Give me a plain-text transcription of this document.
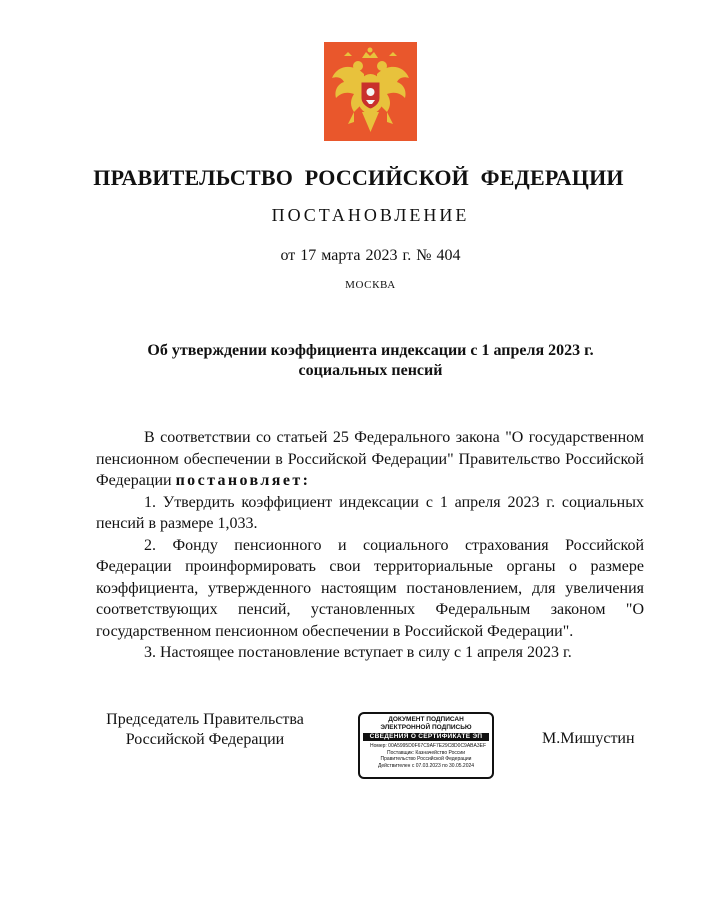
ПРАВИТЕЛЬСТВО РОССИЙСКОЙ ФЕДЕРАЦИИ
ПОСТАНОВЛЕНИЕ
от 17 марта 2023 г. № 404
МОСКВА
Об утверждении коэффициента индексации с 1 апреля 2023 г.
социальных пенсий

В соответствии со статьей 25 Федерального закона "О государственном пенсионном обеспечении в Российской Федерации" Правительство Российской Федерации постановляет:

1. Утвердить коэффициент индексации с 1 апреля 2023 г. социальных пенсий в размере 1,033.

2. Фонду пенсионного и социального страхования Российской Федерации проинформировать свои территориальные органы о размере коэффициента, утвержденного настоящим постановлением, для увеличения соответствующих пенсий, установленных Федеральным законом "О государственном пенсионном обеспечении в Российской Федерации".

3. Настоящее постановление вступает в силу с 1 апреля 2023 г.

Председатель Правительства
Российской Федерации
ДОКУМЕНТ ПОДПИСАН
ЭЛЕКТРОННОЙ ПОДПИСЬЮ
СВЕДЕНИЯ О СЕРТИФИКАТЕ ЭП
Номер: 00A5995D0F67C9AF7E29C8D0C9ABA3EF
Поставщик: Казначейство России
Правительство Российской Федерации
Действителен с 07.03.2023 по 30.05.2024
М.Мишустин
